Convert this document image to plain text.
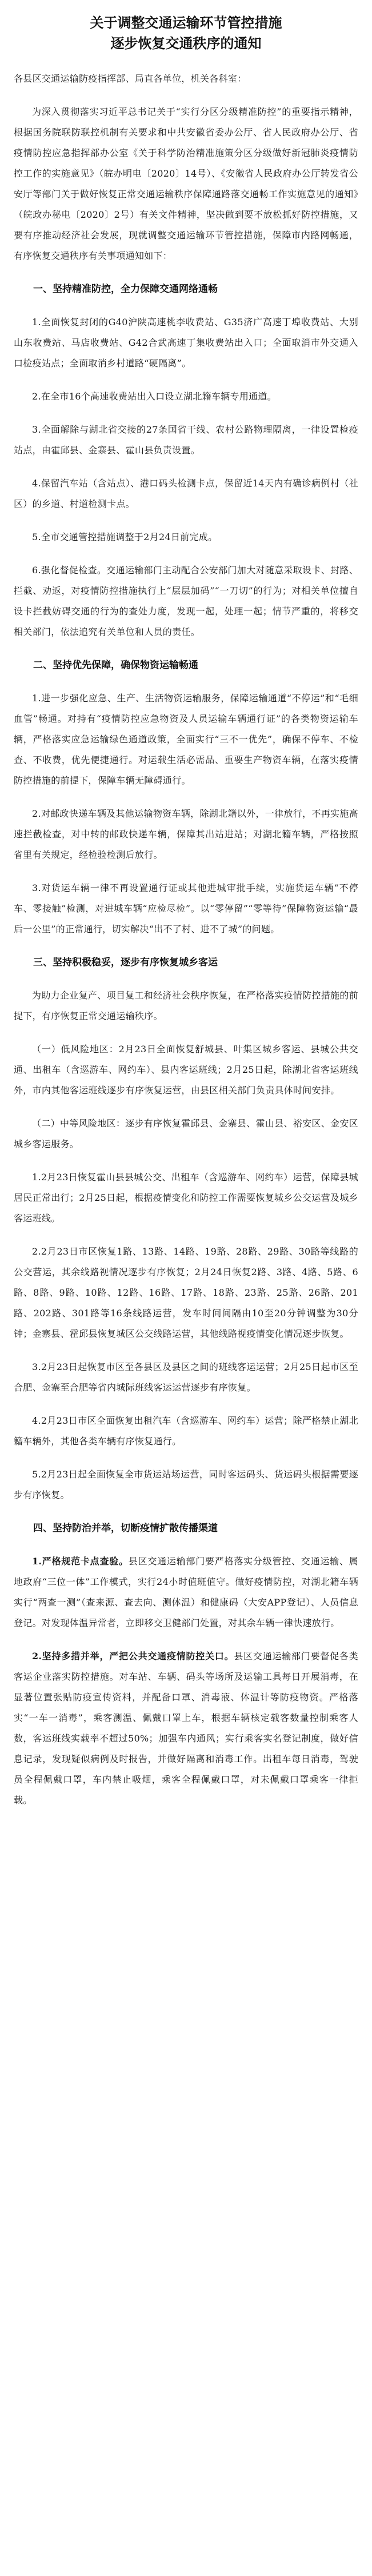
关于调整交通运输环节管控措施
逐步恢复交通秩序的通知

各县区交通运输防疫指挥部、局直各单位，机关各科室：

为深入贯彻落实习近平总书记关于“实行分区分级精准防控”的重要指示精神，根据国务院联防联控机制有关要求和中共安徽省委办公厅、省人民政府办公厅、省疫情防控应急指挥部办公室《关于科学防治精准施策分区分级做好新冠肺炎疫情防控工作的实施意见》（皖办明电〔2020〕14号）、《安徽省人民政府办公厅转发省公安厅等部门关于做好恢复正常交通运输秩序保障通路落交通畅工作实施意见的通知》（皖政办秘电〔2020〕2号）有关文件精神，坚决做到要不放松抓好防控措施，又要有序推动经济社会发展，现就调整交通运输环节管控措施，保障市内路网畅通，有序恢复交通秩序有关事项通知如下：

一、坚持精准防控，全力保障交通网络通畅

1.全面恢复封闭的G40沪陕高速桃李收费站、G35济广高速丁埠收费站、大别山东收费站、马店收费站、G42合武高速丁集收费站出入口；全面取消市外交通入口检疫站点；全面取消乡村道路“硬隔离”。

2.在全市16个高速收费站出入口设立湖北籍车辆专用通道。

3.全面解除与湖北省交接的27条国省干线、农村公路物理隔离，一律设置检疫站点，由霍邱县、金寨县、霍山县负责设置。

4.保留汽车站（含站点）、港口码头检测卡点，保留近14天内有确诊病例村（社区）的乡道、村道检测卡点。

5.全市交通管控措施调整于2月24日前完成。

6.强化督促检查。交通运输部门主动配合公安部门加大对随意采取设卡、封路、拦截、劝返，对疫情防控措施执行上“层层加码”“一刀切”的行为；对相关单位擅自设卡拦截妨碍交通的行为的查处力度，发现一起，处理一起；情节严重的，将移交相关部门，依法追究有关单位和人员的责任。

二、坚持优先保障，确保物资运输畅通

1.进一步强化应急、生产、生活物资运输服务，保障运输通道“不停运”和“毛细血管”畅通。对持有“疫情防控应急物资及人员运输车辆通行证”的各类物资运输车辆，严格落实应急运输绿色通道政策，全面实行“三不一优先”，确保不停车、不检查、不收费，优先便捷通行。对运载生活必需品、重要生产物资车辆，在落实疫情防控措施的前提下，保障车辆无障碍通行。

2.对邮政快递车辆及其他运输物资车辆，除湖北籍以外，一律放行，不再实施高速拦截检查，对中转的邮政快递车辆，保障其出站进站；对湖北籍车辆，严格按照省里有关规定，经检验检测后放行。

3.对货运车辆一律不再设置通行证或其他进城审批手续，实施货运车辆“不停车、零接触”检测，对进城车辆“应检尽检”。以“零停留”“零等待”保障物资运输“最后一公里”的正常通行，切实解决“出不了村、进不了城”的问题。

三、坚持积极稳妥，逐步有序恢复城乡客运

为助力企业复产、项目复工和经济社会秩序恢复，在严格落实疫情防控措施的前提下，有序恢复正常交通运输秩序。

（一）低风险地区：2月23日全面恢复舒城县、叶集区城乡客运、县城公共交通、出租车（含巡游车、网约车）、县内客运班线；2月25日起，除湖北省客运班线外，市内其他客运班线逐步有序恢复运营，由县区相关部门负责具体时间安排。

（二）中等风险地区：逐步有序恢复霍邱县、金寨县、霍山县、裕安区、金安区城乡客运服务。

1.2月23日恢复霍山县县城公交、出租车（含巡游车、网约车）运营，保障县城居民正常出行；2月25日起，根据疫情变化和防控工作需要恢复城乡公交运营及城乡客运班线。

2.2月23日市区恢复1路、13路、14路、19路、28路、29路、30路等线路的公交营运，其余线路视情况逐步有序恢复；2月24日恢复2路、3路、4路、5路、6路、8路、9路、10路、12路、16路、17路、18路、23路、25路、26路、201路、202路、301路等16条线路运营，发车时间间隔由10至20分钟调整为30分钟；金寨县、霍邱县恢复城区公交线路运营，其他线路视疫情变化情况逐步恢复。

3.2月23日起恢复市区至各县区及县区之间的班线客运运营；2月25日起市区至合肥、金寨至合肥等省内城际班线客运运营逐步有序恢复。

4.2月23日市区全面恢复出租汽车（含巡游车、网约车）运营；除严格禁止湖北籍车辆外，其他各类车辆有序恢复通行。

5.2月23日起全面恢复全市货运站场运营，同时客运码头、货运码头根据需要逐步有序恢复。

四、坚持防治并举，切断疫情扩散传播渠道

1.严格规范卡点查验。县区交通运输部门要严格落实分级管控、交通运输、属地政府“三位一体”工作模式，实行24小时值班值守。做好疫情防控，对湖北籍车辆实行“两查一测”（查来源、查去向、测体温）和健康码（大安APP登记）、人员信息登记。对发现体温异常者，立即移交卫健部门处置，对其余车辆一律快速放行。

2.坚持多措并举，严把公共交通疫情防控关口。县区交通运输部门要督促各类客运企业落实防控措施。对车站、车辆、码头等场所及运输工具每日开展消毒，在显著位置张贴防疫宣传资料，并配备口罩、消毒液、体温计等防疫物资。严格落实“一车一消毒”，乘客测温、佩戴口罩上车，根据车辆核定载客数量控制乘客人数，客运班线实载率不超过50%；加强车内通风；实行乘客实名登记制度，做好信息记录，发现疑似病例及时报告，并做好隔离和消毒工作。出租车每日消毒，驾驶员全程佩戴口罩，车内禁止吸烟，乘客全程佩戴口罩，对未佩戴口罩乘客一律拒载。
